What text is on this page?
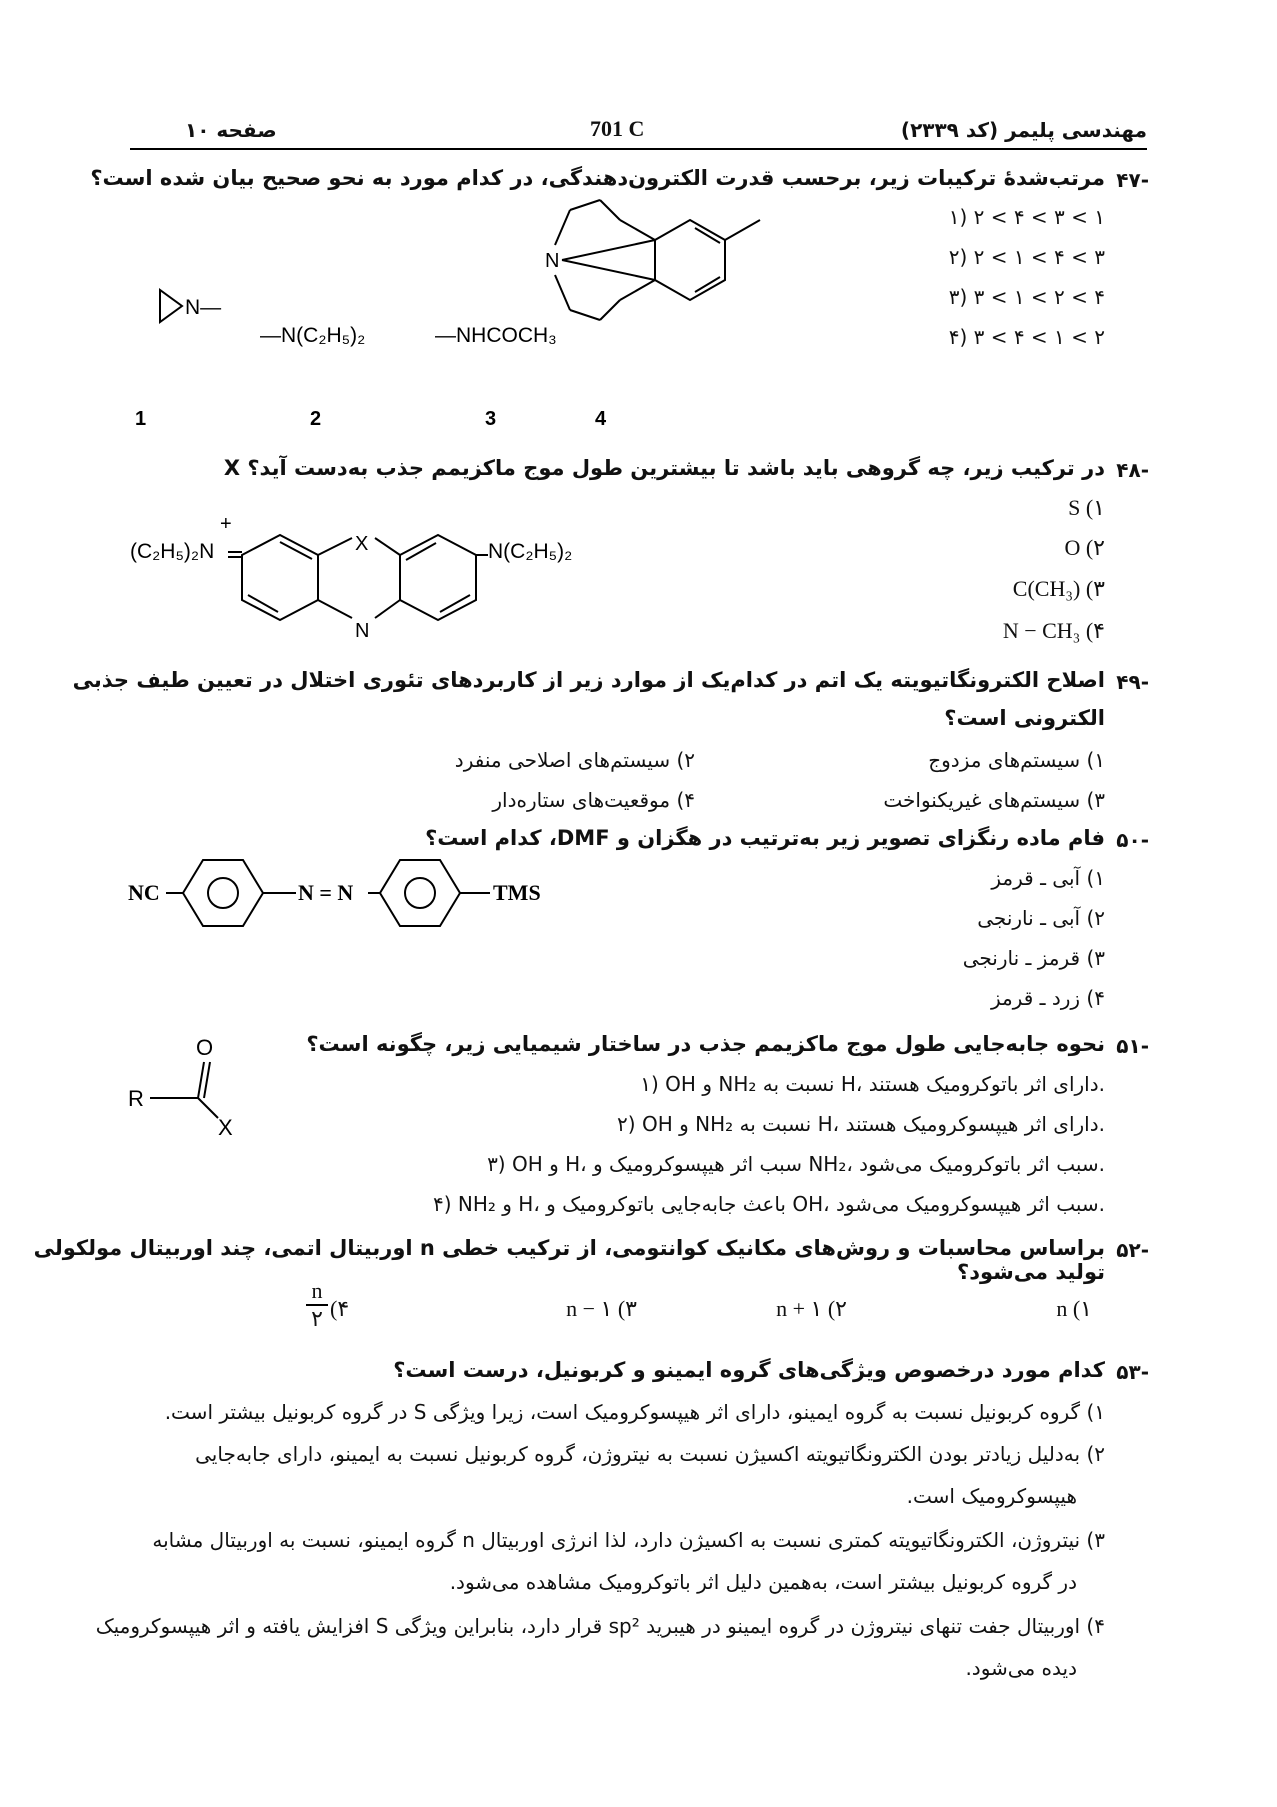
مهندسی پلیمر (کد ۲۳۳۹)
701 C
صفحه ۱۰
۴۷-
مرتب‌شدۀ ترکیبات زیر، برحسب قدرت الکترون‌دهندگی، در کدام مورد به نحو صحیح بیان شده است؟
۱) ۲ < ۴ < ۳ < ۱
۲) ۲ < ۱ < ۴ < ۳
۳) ۳ < ۱ < ۲ < ۴
۴) ۳ < ۴ < ۱ < ۲
N—
—N(C₂H₅)₂	—NHCOCH₃
N
1	2	3	4
۴۸-
X در ترکیب زیر، چه گروهی باید باشد تا بیشترین طول موج ماکزیمم جذب به‌دست آید؟
S (۱
O (۲
C(CH₃) (۳
N − CH₃ (۴
(C₂H₅)₂N
+
N(C₂H₅)₂
X
N
۴۹-
اصلاح الکترونگاتیویته یک اتم در کدام‌یک از موارد زیر از کاربردهای تئوری اختلال در تعیین طیف جذبی
الکترونی است؟
۱) سیستم‌های مزدوج
۲) سیستم‌های اصلاحی منفرد
۳) سیستم‌های غیریکنواخت
۴) موقعیت‌های ستاره‌دار
۵۰-
فام ماده رنگزای تصویر زیر به‌ترتیب در هگزان و DMF، کدام است؟
۱) آبی ـ قرمز
۲) آبی ـ نارنجی
۳) قرمز ـ نارنجی
۴) زرد ـ قرمز
NC	N = N	TMS
۵۱-
نحوه جابه‌جایی طول موج ماکزیمم جذب در ساختار شیمیایی زیر، چگونه است؟
۱) OH و NH₂ نسبت به H، دارای اثر باتوکرومیک هستند.
۲) OH و NH₂ نسبت به H، دارای اثر هیپسوکرومیک هستند.
۳) OH و H، سبب اثر هیپسوکرومیک و NH₂، سبب اثر باتوکرومیک می‌شود.
۴) NH₂ و H، باعث جابه‌جایی باتوکرومیک و OH، سبب اثر هیپسوکرومیک می‌شود.
R
O
X
۵۲-
براساس محاسبات و روش‌های مکانیک کوانتومی، از ترکیب خطی n اوربیتال اتمی، چند اوربیتال مولکولی تولید می‌شود؟
n (۱
n + ۱ (۲
n − ۱ (۳
(۴
n
۲
۵۳-
کدام مورد درخصوص ویژگی‌های گروه ایمینو و کربونیل، درست است؟
۱) گروه کربونیل نسبت به گروه ایمینو، دارای اثر هیپسوکرومیک است، زیرا ویژگی S در گروه کربونیل بیشتر است.
۲) به‌دلیل زیادتر بودن الکترونگاتیویته اکسیژن نسبت به نیتروژن، گروه کربونیل نسبت به ایمینو، دارای جابه‌جایی
هیپسوکرومیک است.
۳) نیتروژن، الکترونگاتیویته کمتری نسبت به اکسیژن دارد، لذا انرژی اوربیتال n گروه ایمینو، نسبت به اوربیتال مشابه
در گروه کربونیل بیشتر است، به‌همین دلیل اثر باتوکرومیک مشاهده می‌شود.
۴) اوربیتال جفت تنهای نیتروژن در گروه ایمینو در هیبرید sp² قرار دارد، بنابراین ویژگی S افزایش یافته و اثر هیپسوکرومیک
دیده می‌شود.
